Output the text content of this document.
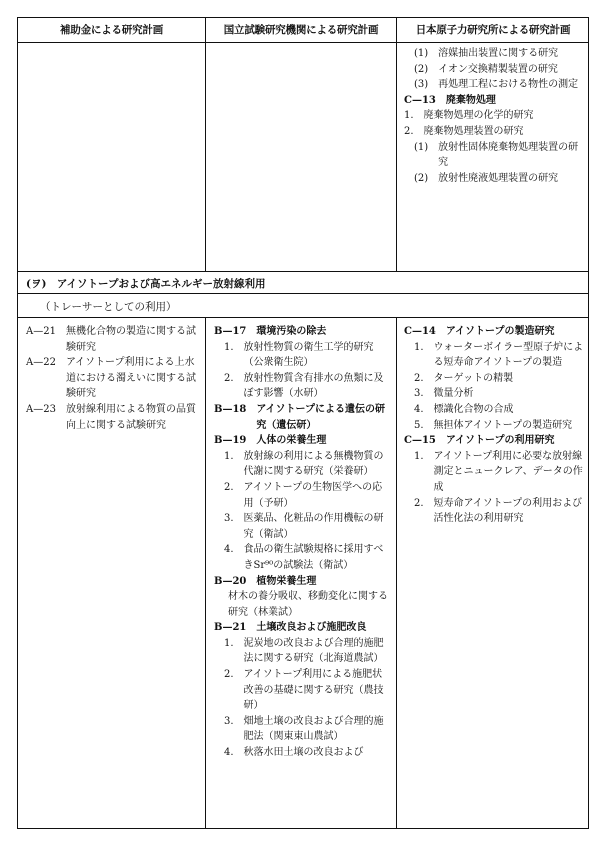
補助金による研究計画	国立試験研究機関による研究計画	日本原子力研究所による研究計画
(1)　 溶媒抽出装置に関する研究
(2)　 イオン交換精製装置の研究
(3)　 再処理工程における物性の測定
C—13　 廃棄物処理
1.　 廃棄物処理の化学的研究
2.　 廃棄物処理装置の研究
(1)　 放射性固体廃棄物処理装置の研究
(2)　 放射性廃液処理装置の研究
(ヲ)　アイソトープおよび高エネルギー放射線利用
（トレーサーとしての利用）
A—21　 無機化合物の製造に関する試験研究
A—22　 アイソトープ利用による上水道における濁えいに関する試験研究
A—23　 放射線利用による物質の品質向上に関する試験研究
B—17　 環境汚染の除去
1.　 放射性物質の衛生工学的研究（公衆衛生院）
2.　 放射性物質含有排水の魚類に及ぼす影響（水研）
B—18　 アイソトープによる遺伝の研究（遺伝研）
B—19　 人体の栄養生理
1.　 放射線の利用による無機物質の代謝に関する研究（栄養研）
2.　 アイソトープの生物医学への応用（予研）
3.　 医薬品、化粧品の作用機転の研究（衛試）
4.　 食品の衛生試験規格に採用すべきSr⁹⁰の試験法（衛試）
B—20　 植物栄養生理
材木の養分吸収、移動変化に関する研究（林業試）
B—21　 土壌改良および施肥改良
1.　 泥炭地の改良および合理的施肥法に関する研究（北海道農試）
2.　 アイソトープ利用による施肥状改善の基礎に関する研究（農技研）
3.　 畑地土壌の改良および合理的施肥法（関東東山農試）
4.　 秋落水田土壌の改良および
C—14　 アイソトープの製造研究
1.　 ウォーターボイラー型原子炉による短寿命アイソトープの製造
2.　 ターゲットの精製
3.　 微量分析
4.　 標識化合物の合成
5.　 無担体アイソトープの製造研究
C—15　 アイソトープの利用研究
1.　 アイソトープ利用に必要な放射線測定とニュークレア、データの作成
2.　 短寿命アイソトープの利用および活性化法の利用研究
